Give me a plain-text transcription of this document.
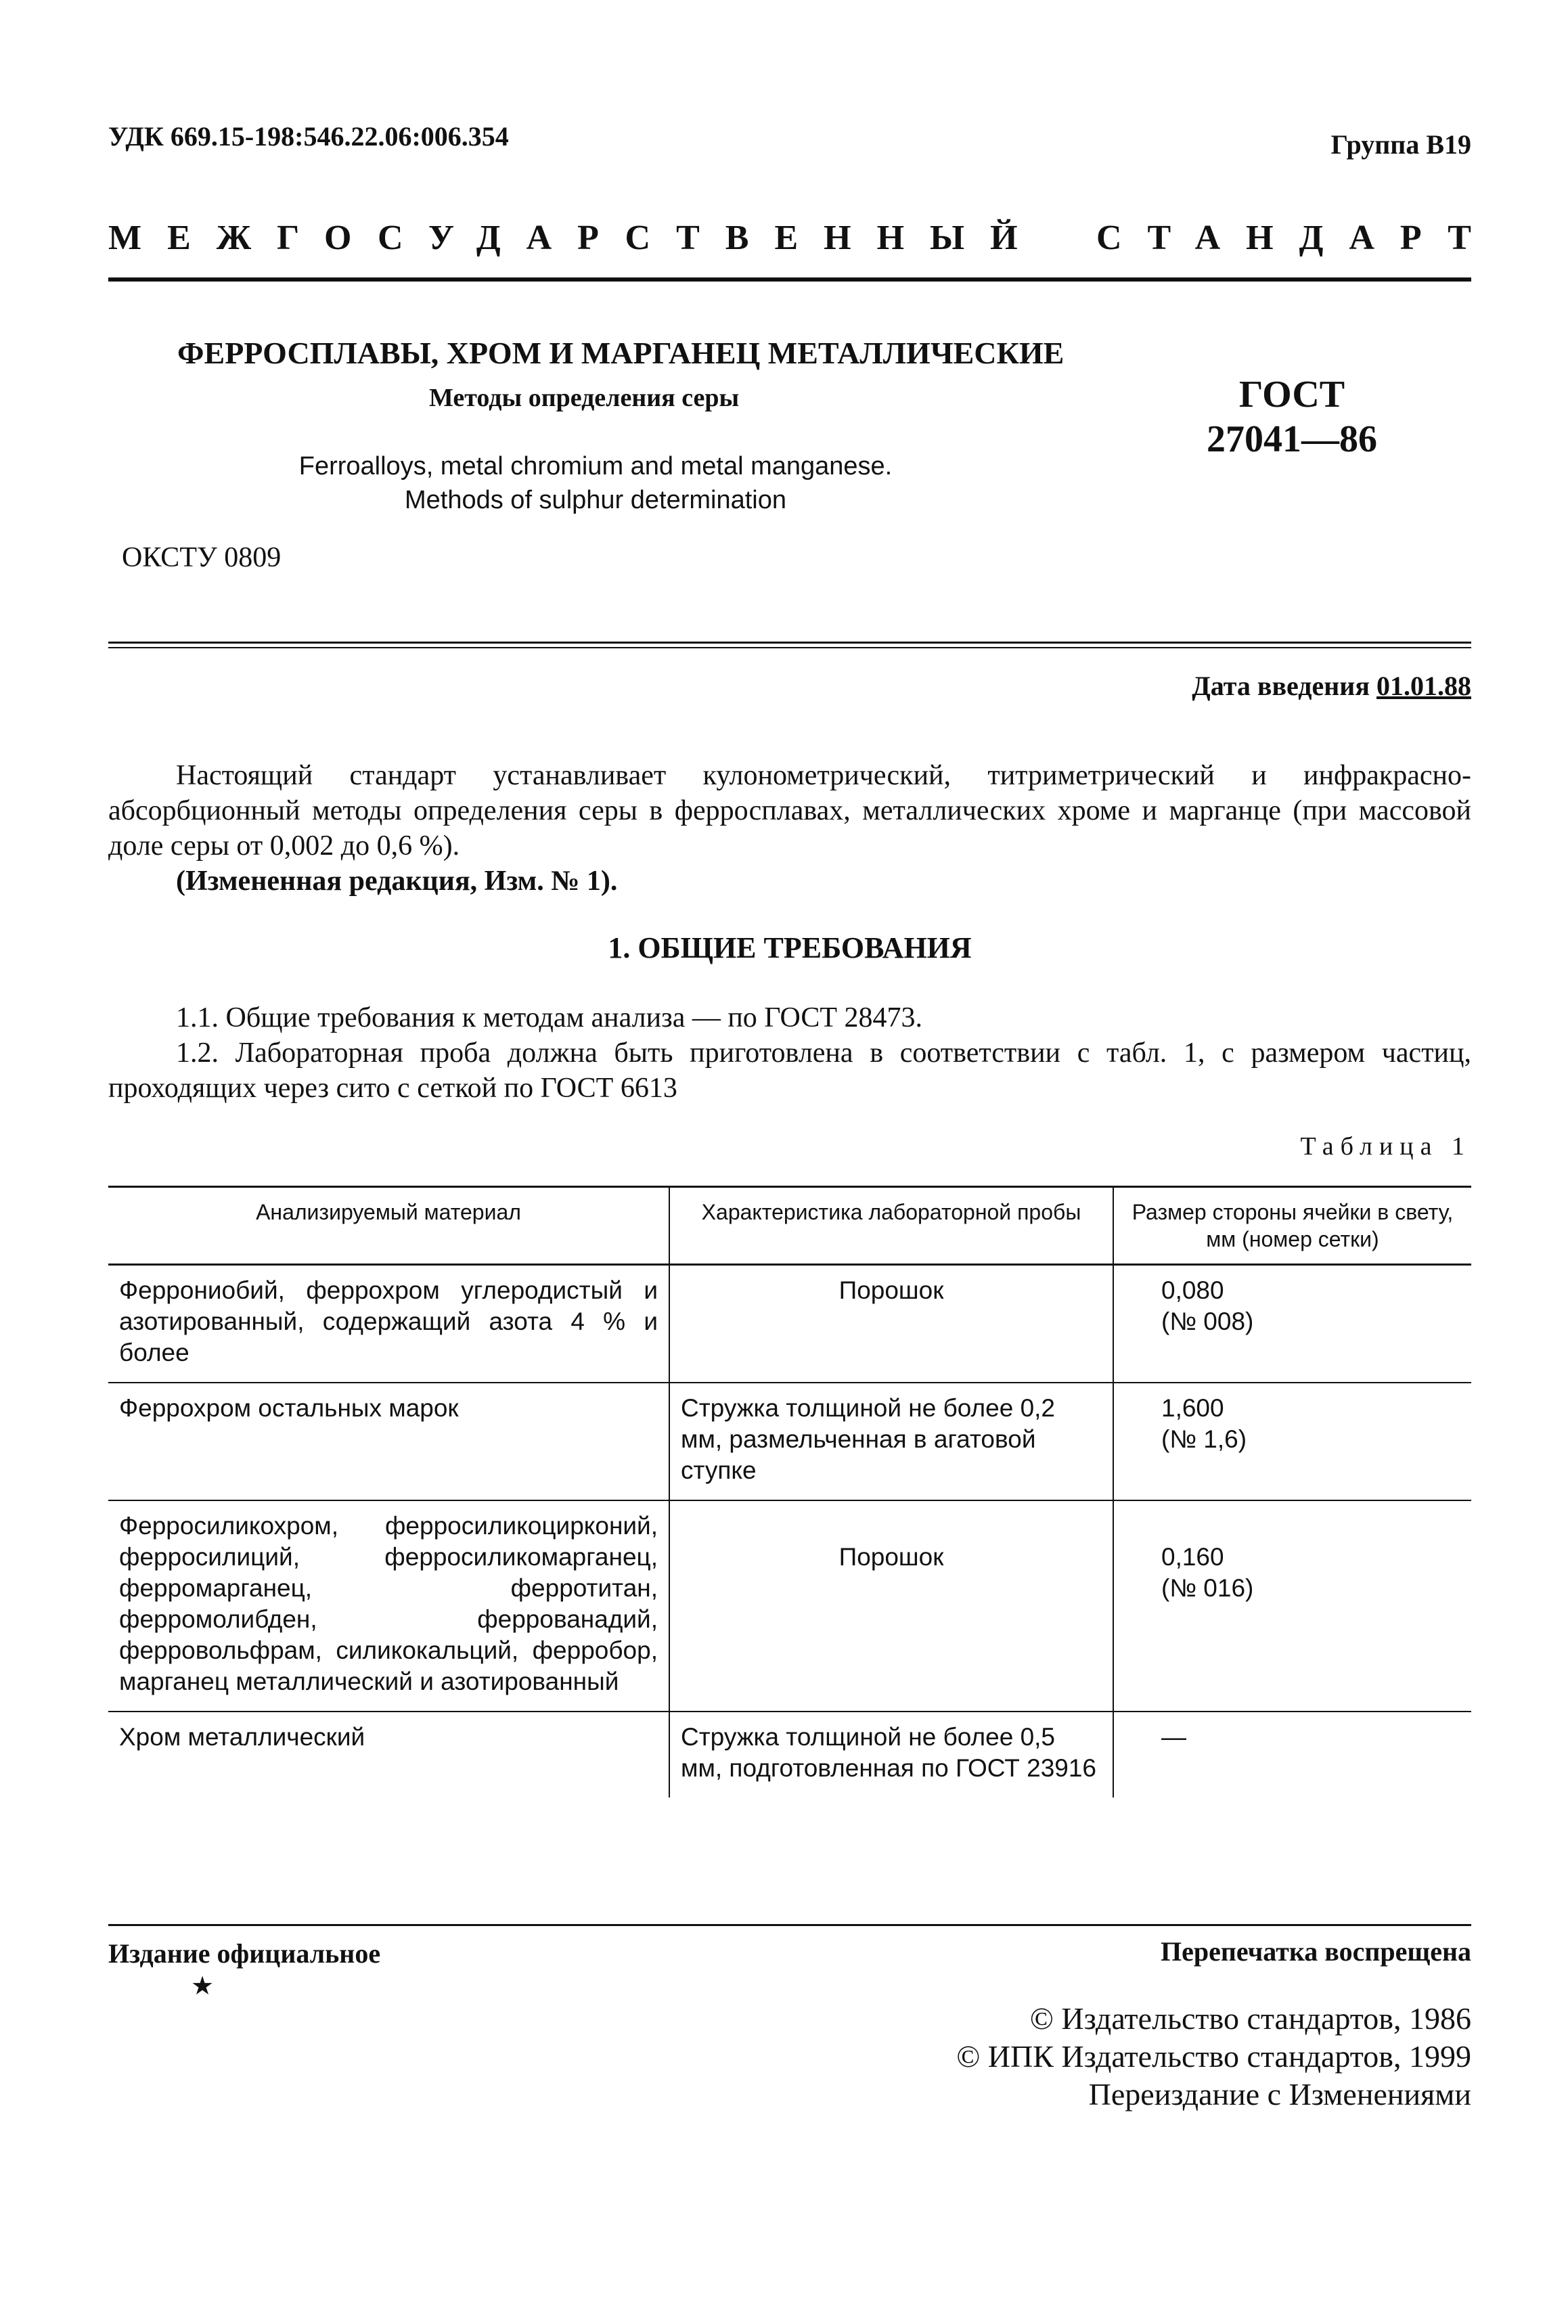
УДК 669.15-198:546.22.06:006.354	Группа В19
МЕЖГОСУДАРСТВЕННЫЙ СТАНДАРТ
ФЕРРОСПЛАВЫ, ХРОМ И МАРГАНЕЦ МЕТАЛЛИЧЕСКИЕ
Методы определения серы	ГОСТ
27041—86
Ferroalloys, metal chromium and metal manganese.
Methods of sulphur determination
ОКСТУ 0809
Дата введения 01.01.88
Настоящий стандарт устанавливает кулонометрический, титриметрический и инфракрасно-абсорбционный методы определения серы в ферросплавах, металлических хроме и марганце (при массовой доле серы от 0,002 до 0,6 %).
(Измененная редакция, Изм. № 1).
1. ОБЩИЕ ТРЕБОВАНИЯ
1.1. Общие требования к методам анализа — по ГОСТ 28473.
1.2. Лабораторная проба должна быть приготовлена в соответствии с табл. 1, с размером частиц, проходящих через сито с сеткой по ГОСТ 6613
Таблица 1
Анализируемый материал	Характеристика лабораторной пробы	Размер стороны ячейки в свету, мм (номер сетки)
Феррониобий, феррохром углеродистый и азотированный, содержащий азота 4 % и более	Порошок	0,080
(№ 008)

Феррохром остальных марок	Стружка толщиной не более 0,2 мм, размельченная в агатовой ступке	
1,600
(№ 1,6)

Ферросиликохром, ферросиликоцирконий, ферросилиций, ферросиликомарганец, ферромарганец, ферротитан, ферромолибден, феррованадий, ферровольфрам, силикокальций, ферробор, марганец металлический и азотированный	Порошок	0,160
(№ 016)

Хром металлический	Стружка толщиной не более 0,5 мм, подготовленная по ГОСТ 23916	
—
Издание официальное
★
Перепечатка воспрещена
© Издательство стандартов, 1986
© ИПК Издательство стандартов, 1999
Переиздание с Изменениями
